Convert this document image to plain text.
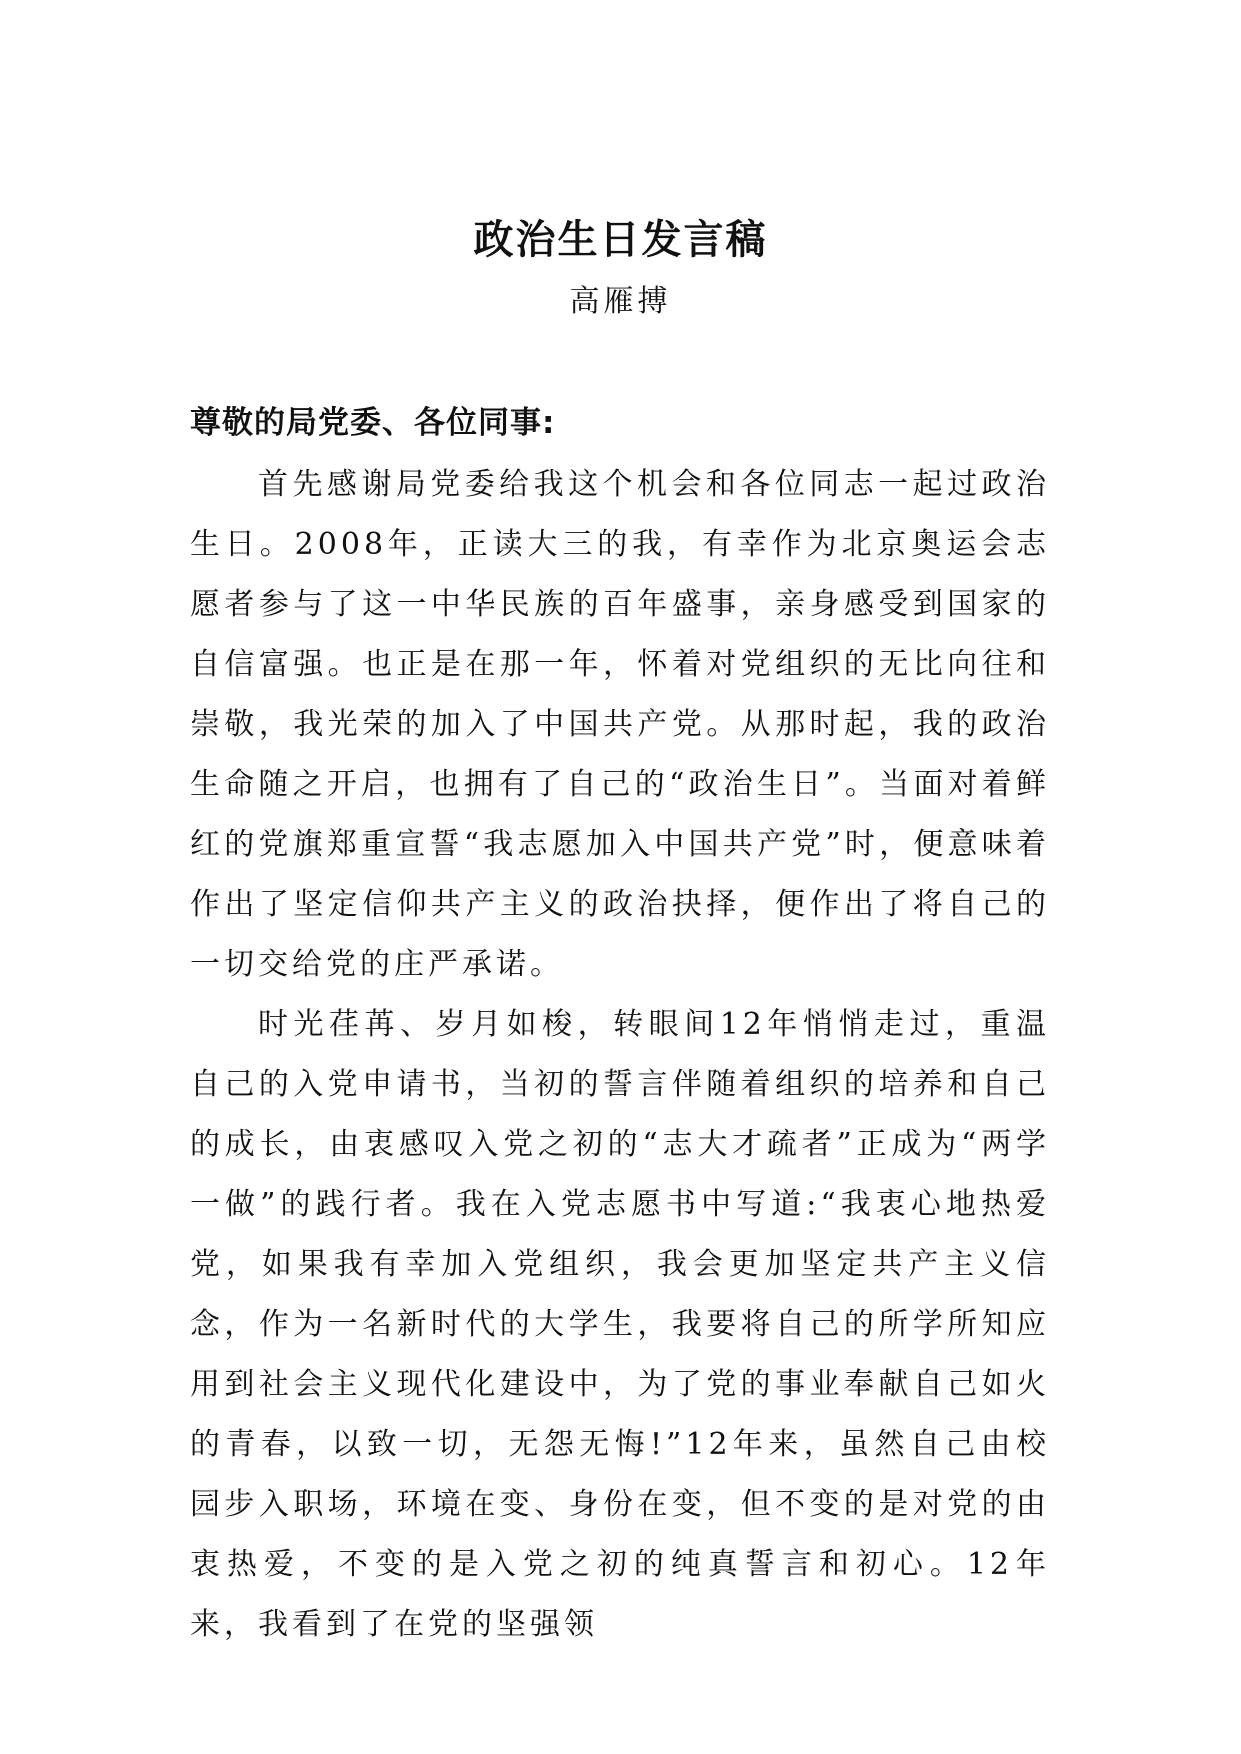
政治生日发言稿
高雁搏
尊敬的局党委、各位同事:

首先感谢局党委给我这个机会和各位同志一起过政治生日。2008年，正读大三的我，有幸作为北京奥运会志愿者参与了这一中华民族的百年盛事，亲身感受到国家的自信富强。也正是在那一年，怀着对党组织的无比向往和崇敬，我光荣的加入了中国共产党。从那时起，我的政治生命随之开启，也拥有了自己的“政治生日”。当面对着鲜红的党旗郑重宣誓“我志愿加入中国共产党”时，便意味着作出了坚定信仰共产主义的政治抉择，便作出了将自己的一切交给党的庄严承诺。

时光荏苒、岁月如梭，转眼间12年悄悄走过，重温自己的入党申请书，当初的誓言伴随着组织的培养和自己的成长，由衷感叹入党之初的“志大才疏者”正成为“两学一做”的践行者。我在入党志愿书中写道:“我衷心地热爱党，如果我有幸加入党组织，我会更加坚定共产主义信念，作为一名新时代的大学生，我要将自己的所学所知应用到社会主义现代化建设中，为了党的事业奉献自己如火的青春，以致一切，无怨无悔!”12年来，虽然自己由校园步入职场，环境在变、身份在变，但不变的是对党的由衷热爱，不变的是入党之初的纯真誓言和初心。12年来，我看到了在党的坚强领
